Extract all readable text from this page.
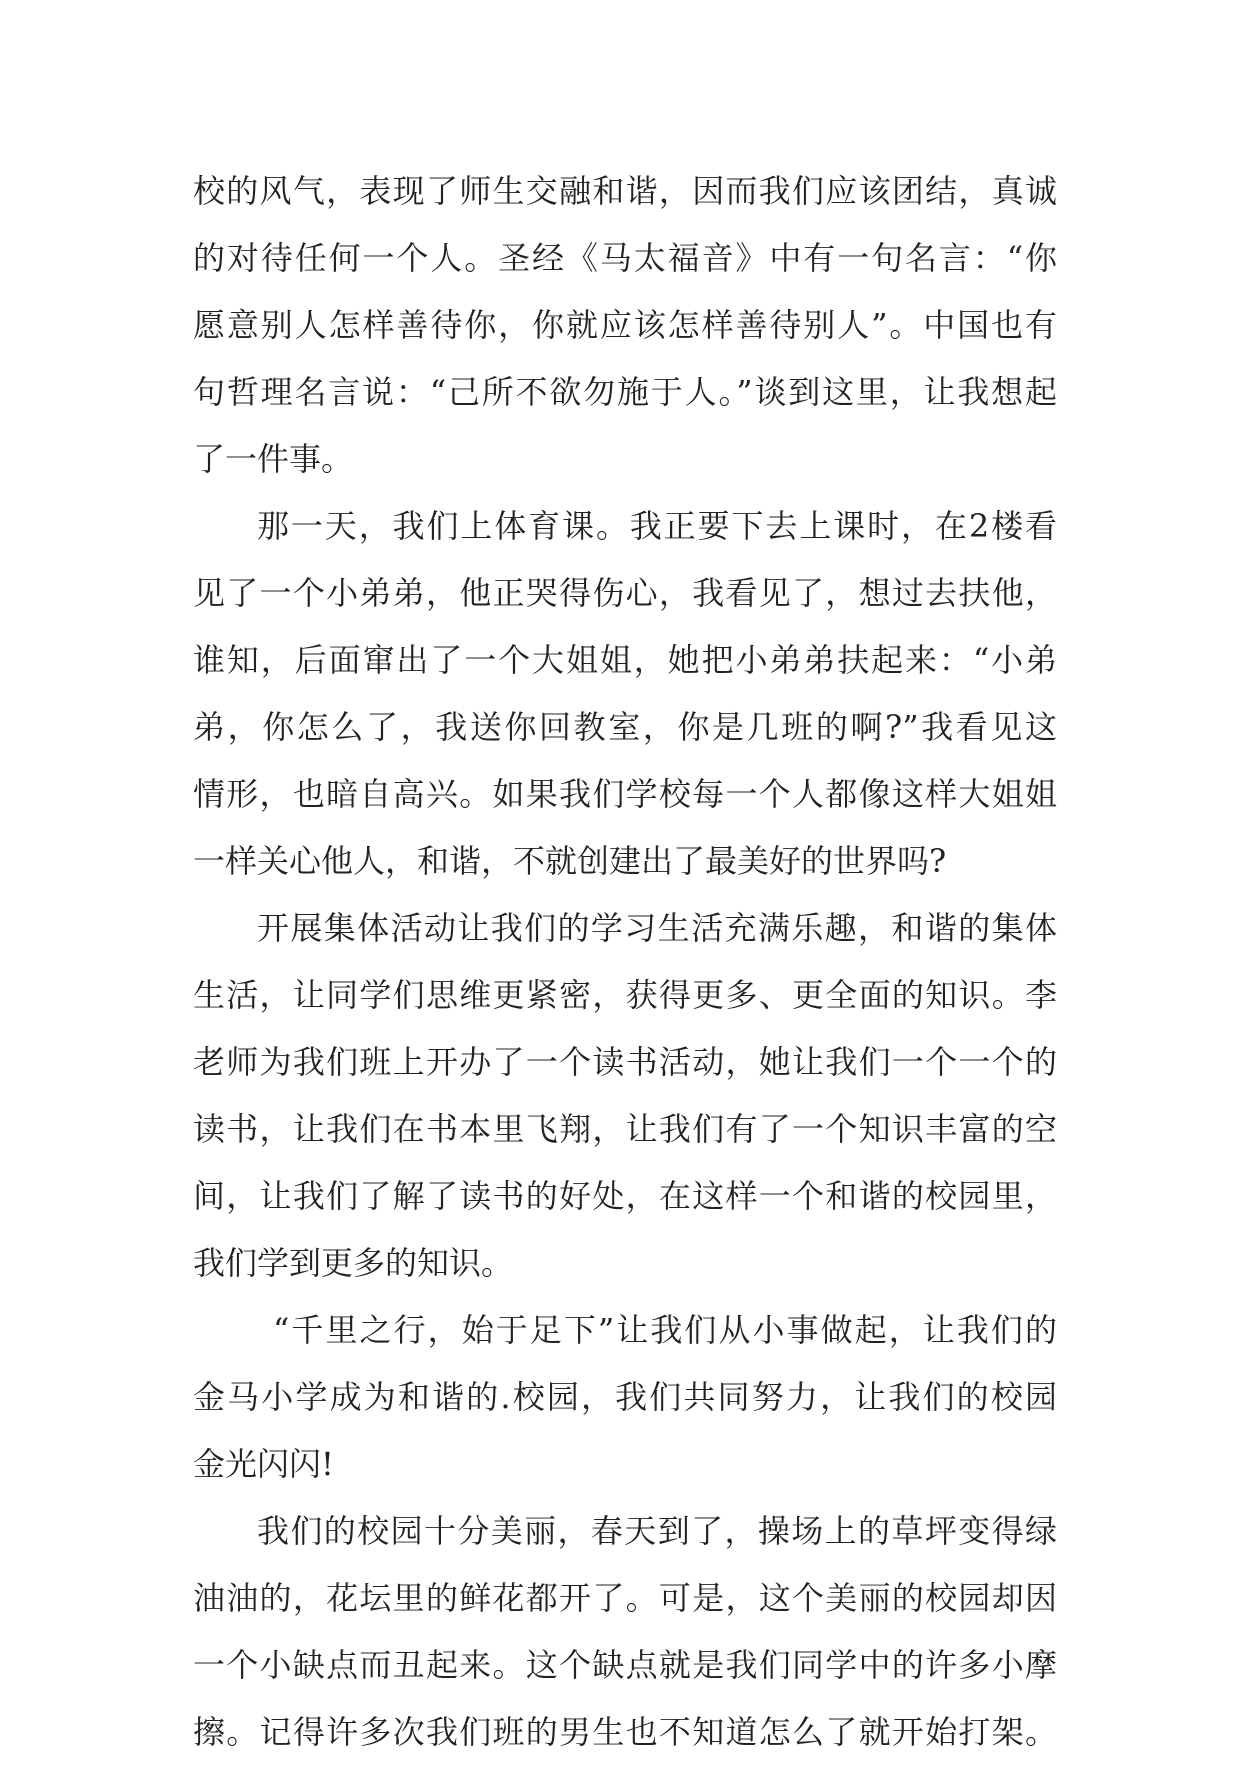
校的风气，表现了师生交融和谐，因而我们应该团结，真诚
的对待任何一个人。圣经《马太福音》中有一句名言：“你
愿意别人怎样善待你，你就应该怎样善待别人”。中国也有
句哲理名言说：“己所不欲勿施于人。”谈到这里，让我想起
了一件事。
那一天，我们上体育课。我正要下去上课时，在2楼看
见了一个小弟弟，他正哭得伤心，我看见了，想过去扶他，
谁知，后面窜出了一个大姐姐，她把小弟弟扶起来：“小弟
弟，你怎么了，我送你回教室，你是几班的啊?”我看见这
情形，也暗自高兴。如果我们学校每一个人都像这样大姐姐
一样关心他人，和谐，不就创建出了最美好的世界吗?
开展集体活动让我们的学习生活充满乐趣，和谐的集体
生活，让同学们思维更紧密，获得更多、更全面的知识。李
老师为我们班上开办了一个读书活动，她让我们一个一个的
读书，让我们在书本里飞翔，让我们有了一个知识丰富的空
间，让我们了解了读书的好处，在这样一个和谐的校园里，
我们学到更多的知识。
“千里之行，始于足下”让我们从小事做起，让我们的
金马小学成为和谐的.校园，我们共同努力，让我们的校园
金光闪闪!
我们的校园十分美丽，春天到了，操场上的草坪变得绿
油油的，花坛里的鲜花都开了。可是，这个美丽的校园却因
一个小缺点而丑起来。这个缺点就是我们同学中的许多小摩
擦。记得许多次我们班的男生也不知道怎么了就开始打架。
